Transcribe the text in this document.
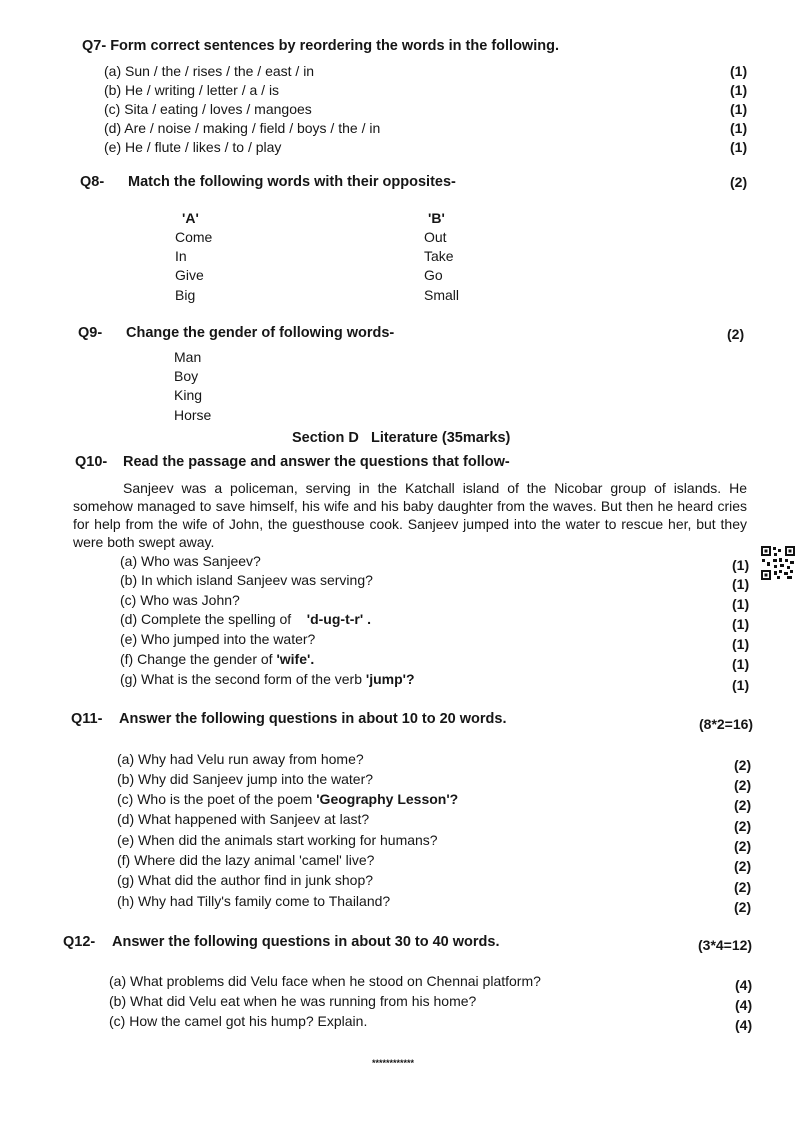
Q7- Form correct sentences by reordering the words in the following.
(a) Sun / the / rises / the / east / in	(1)
(b) He / writing / letter / a / is	(1)
(c) Sita / eating / loves / mangoes	(1)
(d) Are / noise / making / field / boys / the / in	(1)
(e) He / flute / likes / to / play	(1)
Q8- Match the following words with their opposites-	(2)
'A'	'B'
Come	Out
In	Take
Give	Go
Big	Small
Q9- Change the gender of following words-	(2)
Man
Boy
King
Horse
Section D Literature (35marks)
Q10- Read the passage and answer the questions that follow-
Sanjeev was a policeman, serving in the Katchall island of the Nicobar group of islands. He somehow managed to save himself, his wife and his baby daughter from the waves. But then he heard cries for help from the wife of John, the guesthouse cook. Sanjeev jumped into the water to rescue her, but they were both swept away.
(a) Who was Sanjeev?	(1)
(b) In which island Sanjeev was serving?	(1)
(c) Who was John?	(1)
(d) Complete the spelling of 'd-ug-t-r' .	(1)
(e) Who jumped into the water?	(1)
(f) Change the gender of 'wife'.	(1)
(g) What is the second form of the verb 'jump'?	(1)
Q11- Answer the following questions in about 10 to 20 words.	(8*2=16)
(a) Why had Velu run away from home?	(2)
(b) Why did Sanjeev jump into the water?	(2)
(c) Who is the poet of the poem 'Geography Lesson'?	(2)
(d) What happened with Sanjeev at last?	(2)
(e) When did the animals start working for humans?	(2)
(f) Where did the lazy animal 'camel' live?	(2)
(g) What did the author find in junk shop?	(2)
(h) Why had Tilly's family come to Thailand?	(2)
Q12- Answer the following questions in about 30 to 40 words.	(3*4=12)
(a) What problems did Velu face when he stood on Chennai platform?	(4)
(b) What did Velu eat when he was running from his home?	(4)
(c) How the camel got his hump? Explain.	(4)
************
